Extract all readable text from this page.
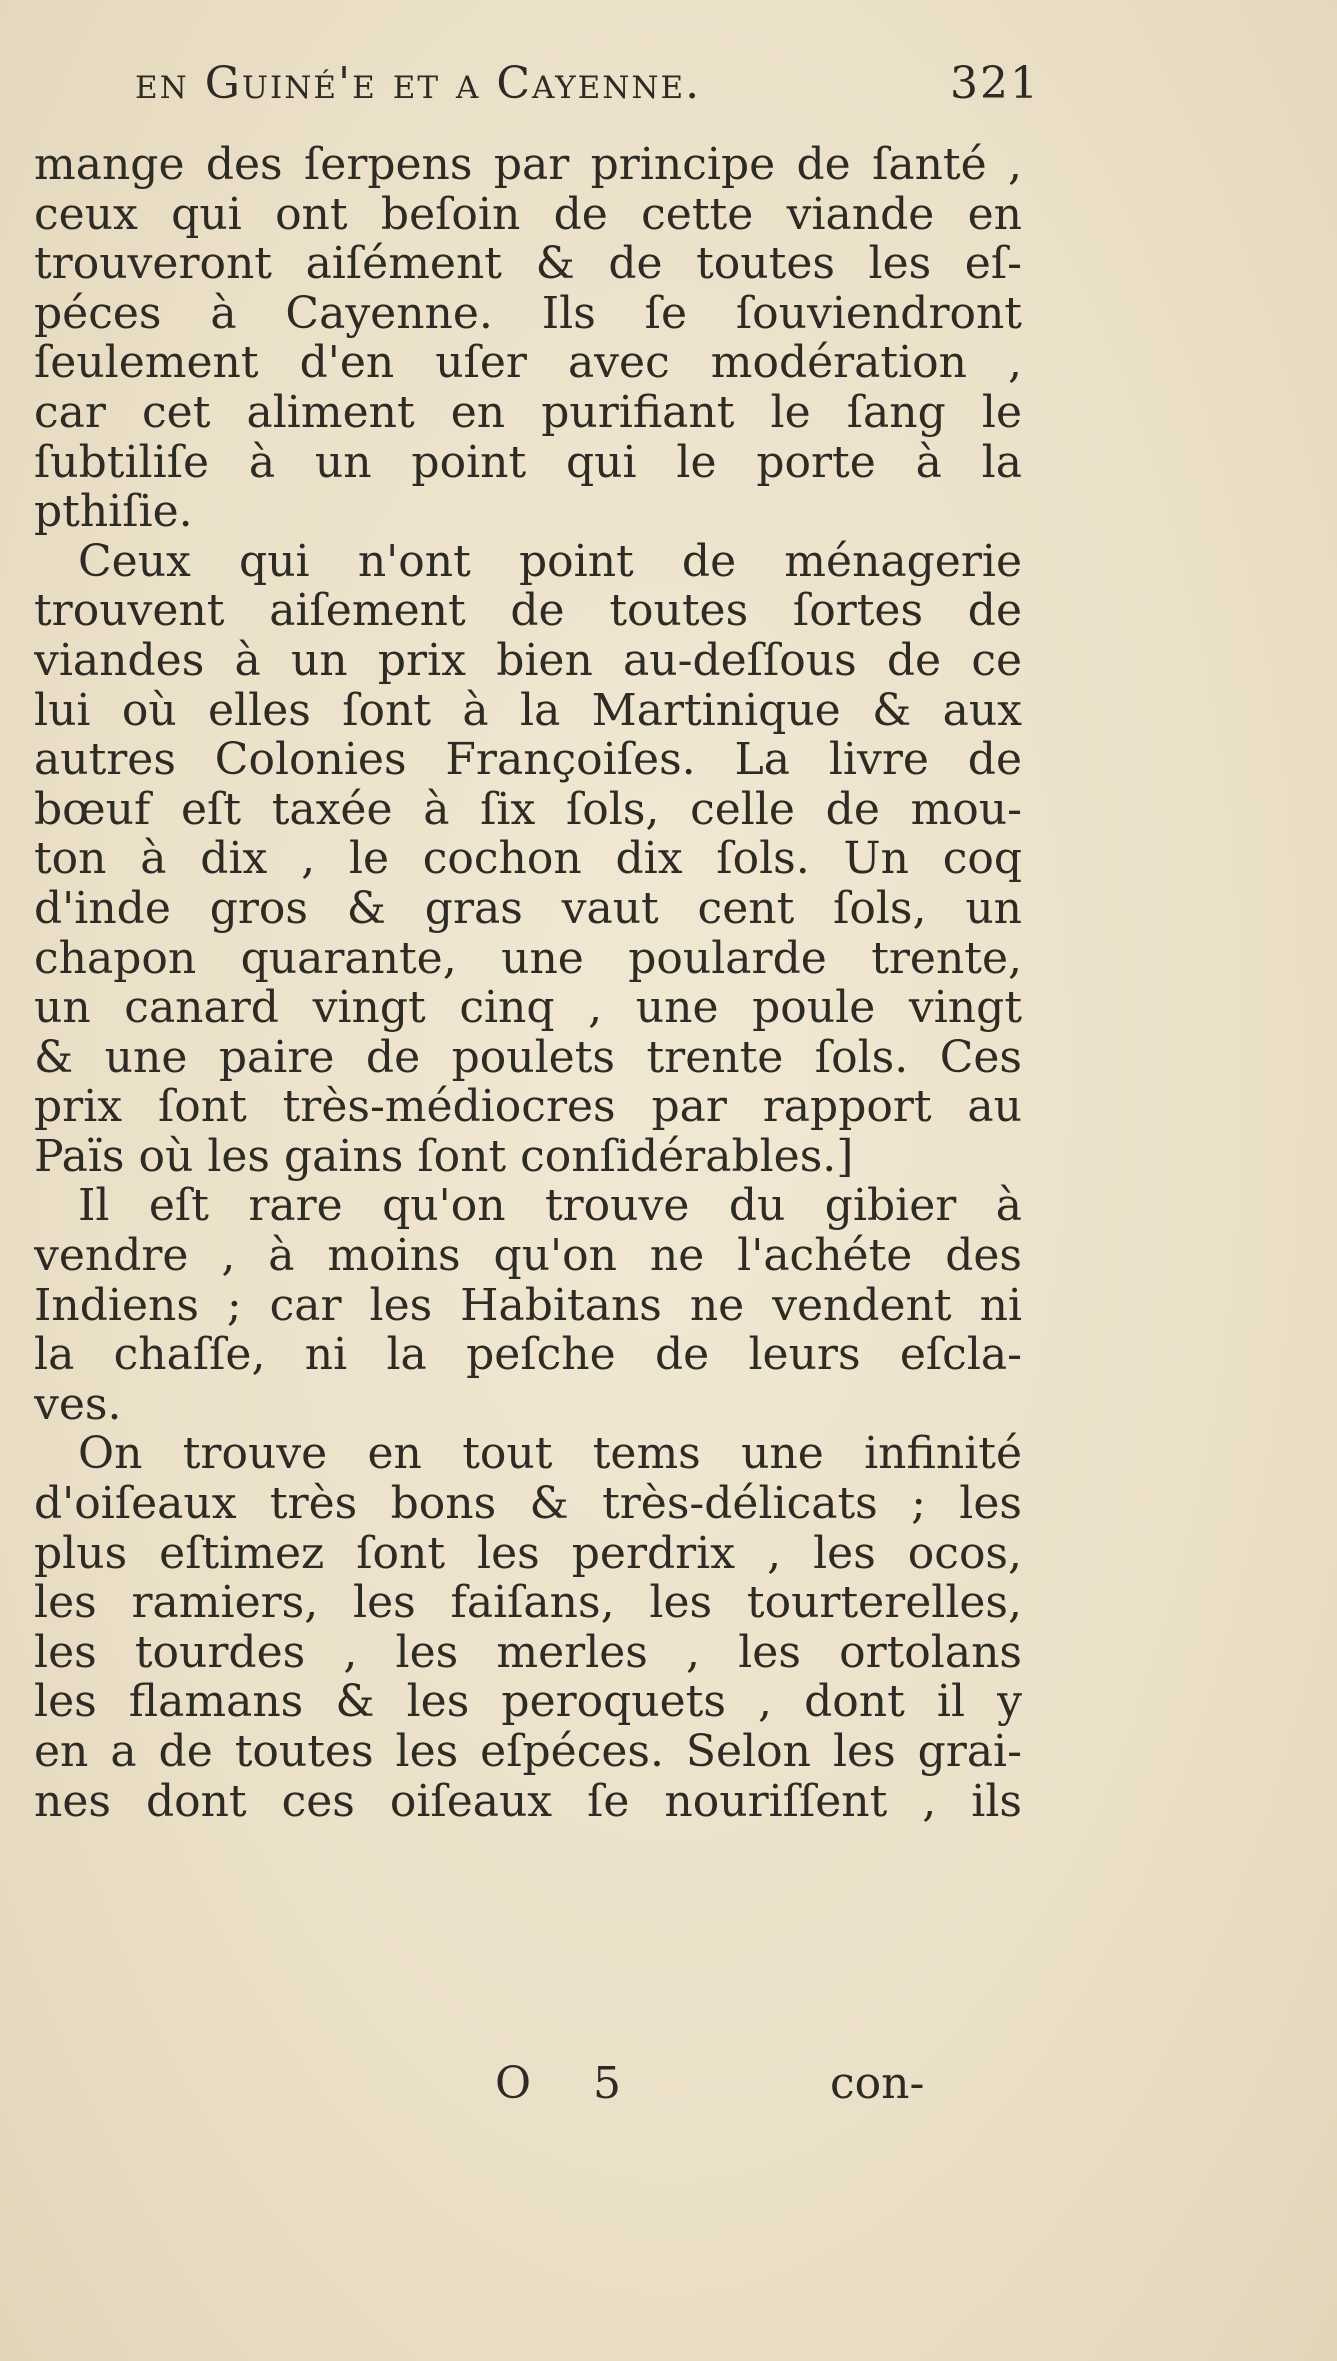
en Guiné'e et a Cayenne.	321
mange des ſerpens par principe de ſanté ,
ceux qui ont beſoin de cette viande en
trouveront aiſément & de toutes les eſ-
péces à Cayenne. Ils ſe ſouviendront
ſeulement d'en uſer avec modération ,
car cet aliment en purifiant le ſang le
ſubtiliſe à un point qui le porte à la
pthiſie.
Ceux qui n'ont point de ménagerie
trouvent aiſement de toutes ſortes de
viandes à un prix bien au-deſſous de ce
lui où elles ſont à la Martinique & aux
autres Colonies Françoiſes. La livre de
bœuf eſt taxée à ſix ſols, celle de mou-
ton à dix , le cochon dix ſols. Un coq
d'inde gros & gras vaut cent ſols, un
chapon quarante, une poularde trente,
un canard vingt cinq , une poule vingt
& une paire de poulets trente ſols. Ces
prix ſont très-médiocres par rapport au
Païs où les gains ſont conſidérables.]
Il eſt rare qu'on trouve du gibier à
vendre , à moins qu'on ne l'achéte des
Indiens ; car les Habitans ne vendent ni
la chaſſe, ni la peſche de leurs eſcla-
ves.
On trouve en tout tems une infinité
d'oiſeaux très bons & très-délicats ; les
plus eſtimez ſont les perdrix , les ocos,
les ramiers, les faiſans, les tourterelles,
les tourdes , les merles , les ortolans
les flamans & les peroquets , dont il y
en a de toutes les eſpéces. Selon les grai-
nes dont ces oiſeaux ſe nouriſſent , ils
O 5	con-
